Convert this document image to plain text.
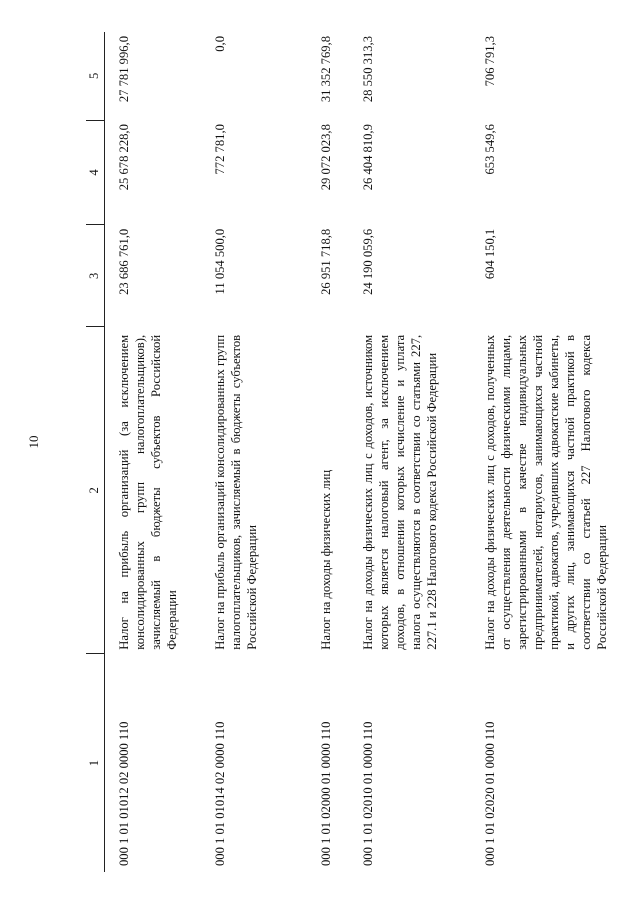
10
1	2	3	4	5
000 1 01 01012 02 0000 110	Налог на прибыль организаций (за исключением консолидированных групп налогоплательщиков), зачисляемый в бюджеты субъектов Российской Федерации	23 686 761,0	25 678 228,0	27 781 996,0
000 1 01 01014 02 0000 110	Налог на прибыль организаций консолидированных групп налогоплательщиков, зачисляемый в бюджеты субъектов Российской Федерации	11 054 500,0	772 781,0	0,0
000 1 01 02000 01 0000 110	Налог на доходы физических лиц	26 951 718,8	29 072 023,8	31 352 769,8
000 1 01 02010 01 0000 110	Налог на доходы физических лиц с доходов, источником которых является налоговый агент, за исключением доходов, в отношении которых исчисление и уплата налога осуществляются в соответствии со статьями 227, 227.1 и 228 Налогового кодекса Российской Федерации	24 190 059,6	26 404 810,9	28 550 313,3
000 1 01 02020 01 0000 110	Налог на доходы физических лиц с доходов, полученных от осуществления деятельности физическими лицами, зарегистрированными в качестве индивидуальных предпринимателей, нотариусов, занимающихся частной практикой, адвокатов, учредивших адвокатские кабинеты, и других лиц, занимающихся частной практикой в соответствии со статьей 227 Налогового кодекса Российской Федерации	604 150,1	653 549,6	706 791,3
